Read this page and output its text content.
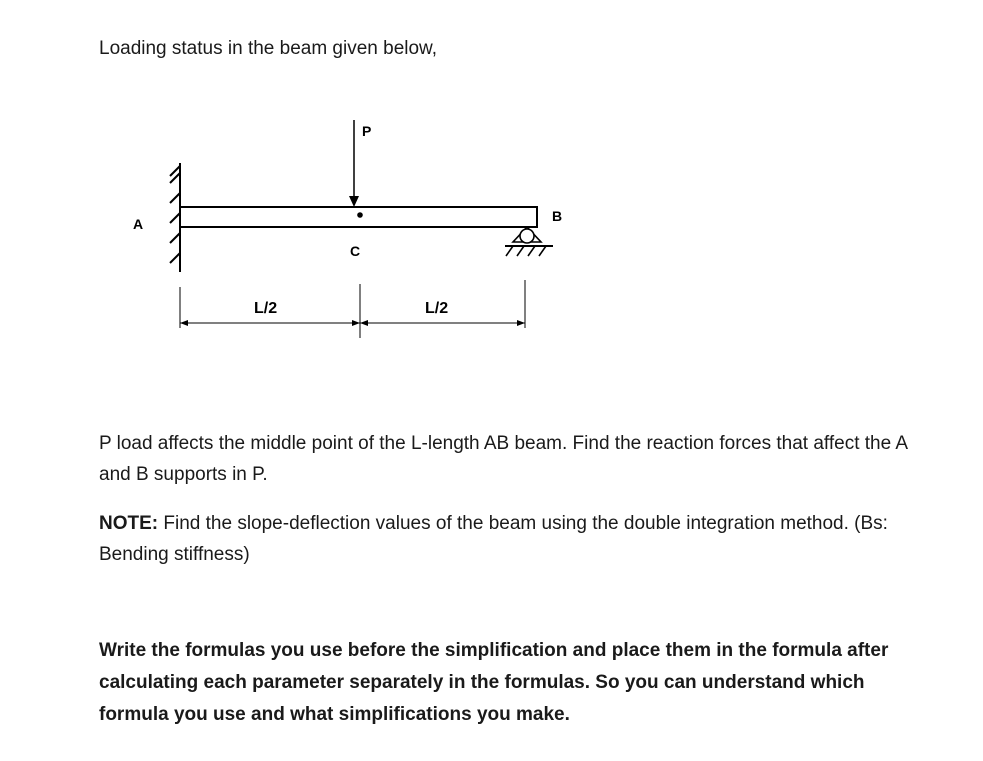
Loading status in the beam given below,
A	B
C
P
L/2	L/2
P load affects the middle point of the L-length AB beam. Find the reaction forces that affect the A and B supports in P.
NOTE: Find the slope-deflection values of the beam using the double integration method. (Bs: Bending stiffness)
Write the formulas you use before the simplification and place them in the formula after calculating each parameter separately in the formulas. So you can understand which formula you use and what simplifications you make.
